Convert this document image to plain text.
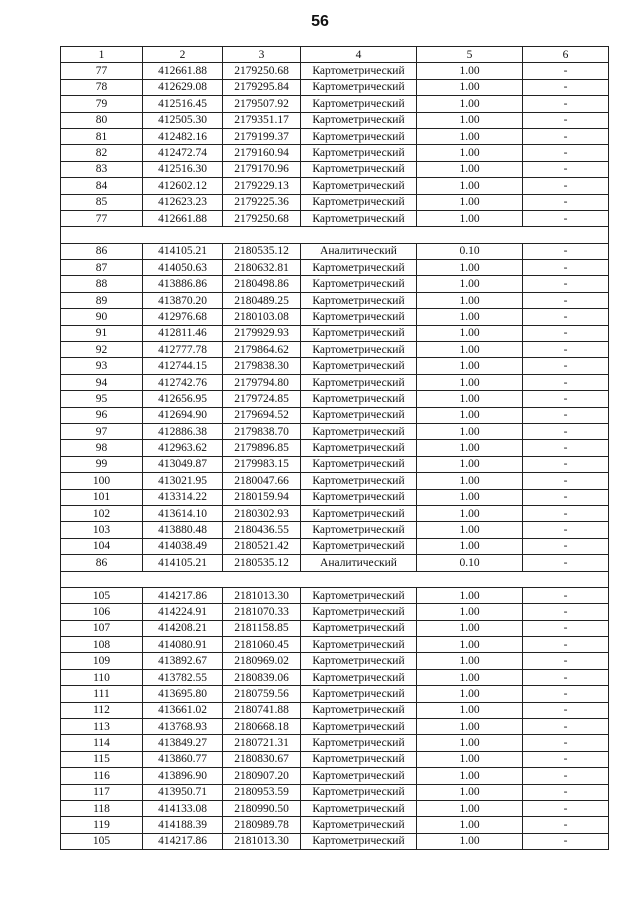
56
1	2	3	4	5	6
77	412661.88	2179250.68	Картометрический	1.00	-
78	412629.08	2179295.84	Картометрический	1.00	-
79	412516.45	2179507.92	Картометрический	1.00	-
80	412505.30	2179351.17	Картометрический	1.00	-
81	412482.16	2179199.37	Картометрический	1.00	-
82	412472.74	2179160.94	Картометрический	1.00	-
83	412516.30	2179170.96	Картометрический	1.00	-
84	412602.12	2179229.13	Картометрический	1.00	-
85	412623.23	2179225.36	Картометрический	1.00	-
77	412661.88	2179250.68	Картометрический	1.00	-

86	414105.21	2180535.12	Аналитический	0.10	-
87	414050.63	2180632.81	Картометрический	1.00	-
88	413886.86	2180498.86	Картометрический	1.00	-
89	413870.20	2180489.25	Картометрический	1.00	-
90	412976.68	2180103.08	Картометрический	1.00	-
91	412811.46	2179929.93	Картометрический	1.00	-
92	412777.78	2179864.62	Картометрический	1.00	-
93	412744.15	2179838.30	Картометрический	1.00	-
94	412742.76	2179794.80	Картометрический	1.00	-
95	412656.95	2179724.85	Картометрический	1.00	-
96	412694.90	2179694.52	Картометрический	1.00	-
97	412886.38	2179838.70	Картометрический	1.00	-
98	412963.62	2179896.85	Картометрический	1.00	-
99	413049.87	2179983.15	Картометрический	1.00	-
100	413021.95	2180047.66	Картометрический	1.00	-
101	413314.22	2180159.94	Картометрический	1.00	-
102	413614.10	2180302.93	Картометрический	1.00	-
103	413880.48	2180436.55	Картометрический	1.00	-
104	414038.49	2180521.42	Картометрический	1.00	-
86	414105.21	2180535.12	Аналитический	0.10	-

105	414217.86	2181013.30	Картометрический	1.00	-
106	414224.91	2181070.33	Картометрический	1.00	-
107	414208.21	2181158.85	Картометрический	1.00	-
108	414080.91	2181060.45	Картометрический	1.00	-
109	413892.67	2180969.02	Картометрический	1.00	-
110	413782.55	2180839.06	Картометрический	1.00	-
111	413695.80	2180759.56	Картометрический	1.00	-
112	413661.02	2180741.88	Картометрический	1.00	-
113	413768.93	2180668.18	Картометрический	1.00	-
114	413849.27	2180721.31	Картометрический	1.00	-
115	413860.77	2180830.67	Картометрический	1.00	-
116	413896.90	2180907.20	Картометрический	1.00	-
117	413950.71	2180953.59	Картометрический	1.00	-
118	414133.08	2180990.50	Картометрический	1.00	-
119	414188.39	2180989.78	Картометрический	1.00	-
105	414217.86	2181013.30	Картометрический	1.00	-
